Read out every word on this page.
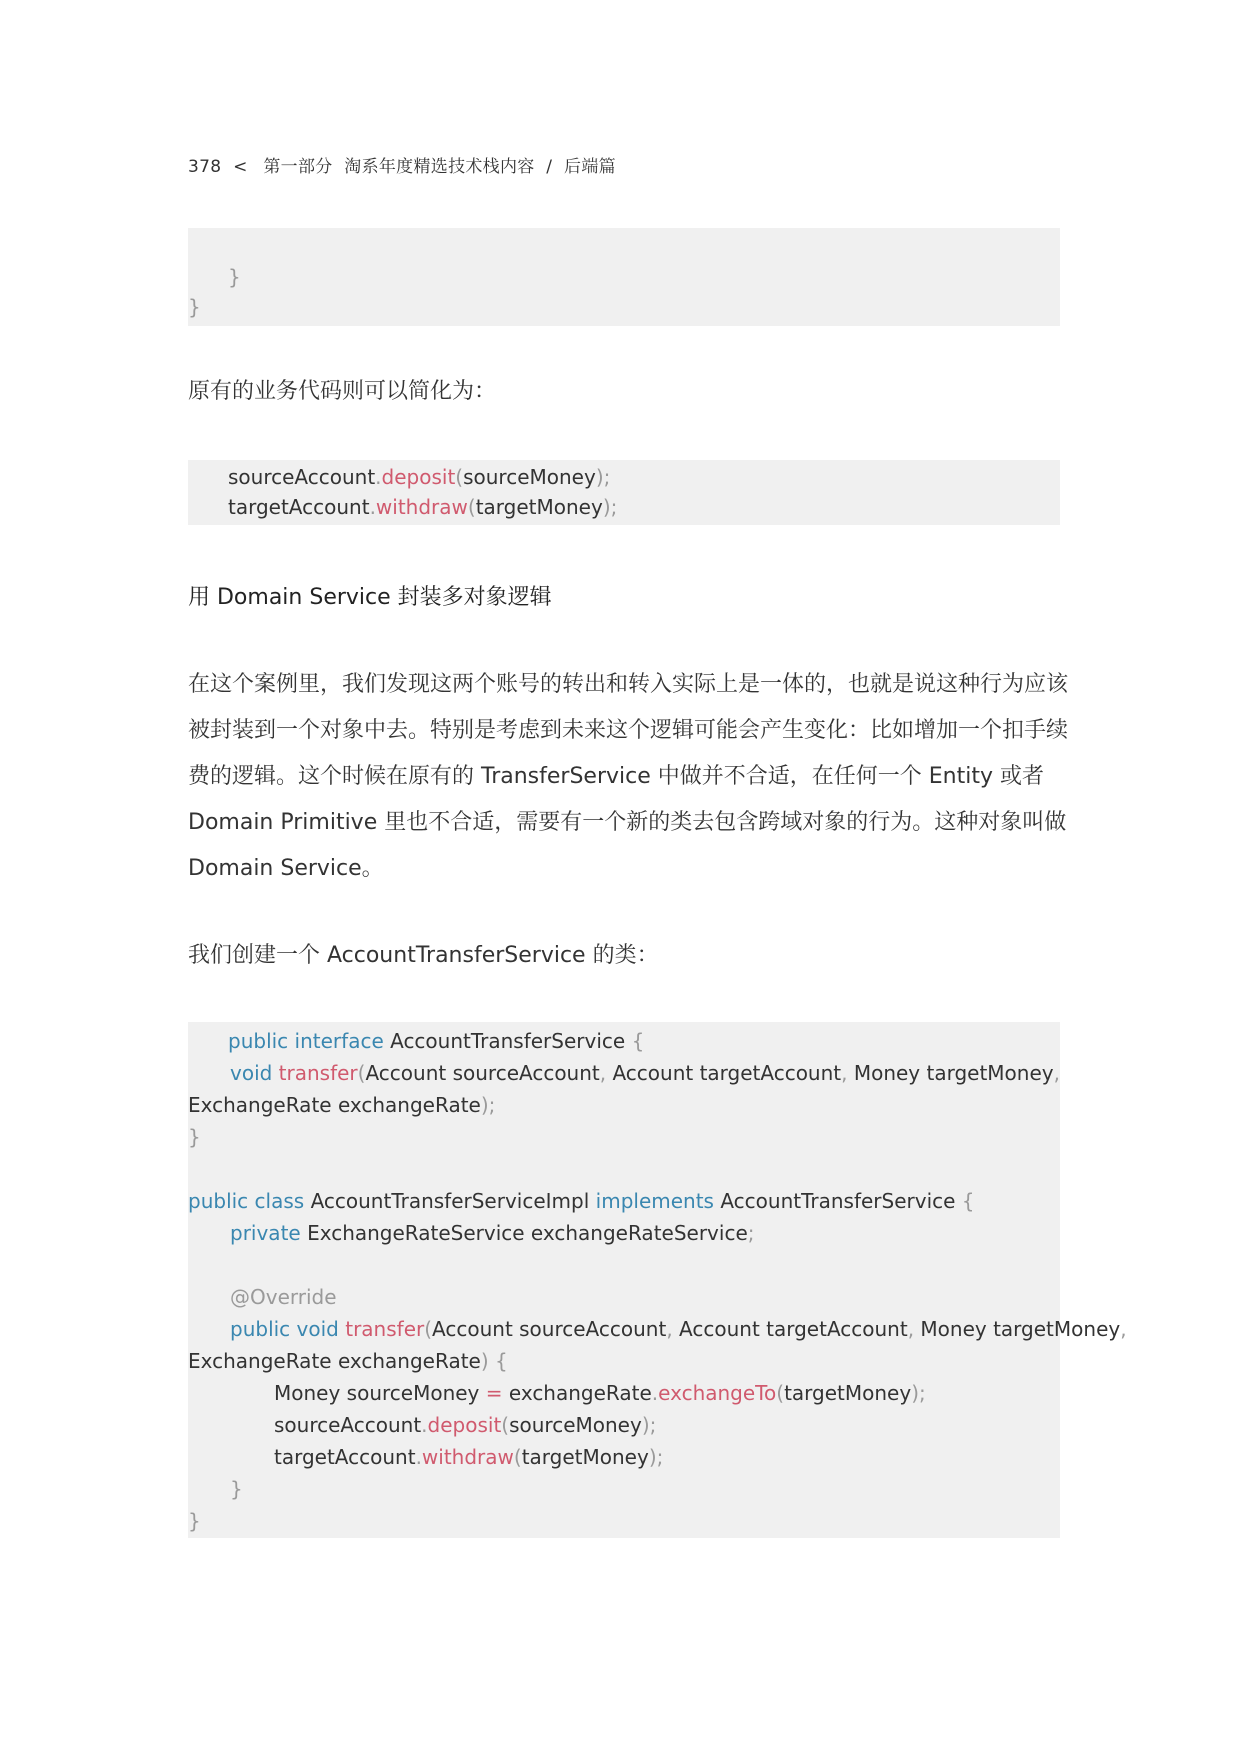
378 < 第一部分 淘系年度精选技术栈内容 / 后端篇
}
}
原有的业务代码则可以简化为：
sourceAccount.deposit(sourceMoney);
targetAccount.withdraw(targetMoney);
用 Domain Service 封装多对象逻辑
在这个案例里，我们发现这两个账号的转出和转入实际上是一体的，也就是说这种行为应该
被封装到一个对象中去。特别是考虑到未来这个逻辑可能会产生变化：比如增加一个扣手续
费的逻辑。这个时候在原有的 TransferService 中做并不合适，在任何一个 Entity 或者
Domain Primitive 里也不合适，需要有一个新的类去包含跨域对象的行为。这种对象叫做
Domain Service。
我们创建一个 AccountTransferService 的类：
public interface AccountTransferService {
void transfer(Account sourceAccount, Account targetAccount, Money targetMoney,
ExchangeRate exchangeRate);
}
public class AccountTransferServiceImpl implements AccountTransferService {
private ExchangeRateService exchangeRateService;
@Override
public void transfer(Account sourceAccount, Account targetAccount, Money targetMoney,
ExchangeRate exchangeRate) {
Money sourceMoney = exchangeRate.exchangeTo(targetMoney);
sourceAccount.deposit(sourceMoney);
targetAccount.withdraw(targetMoney);
}
}
